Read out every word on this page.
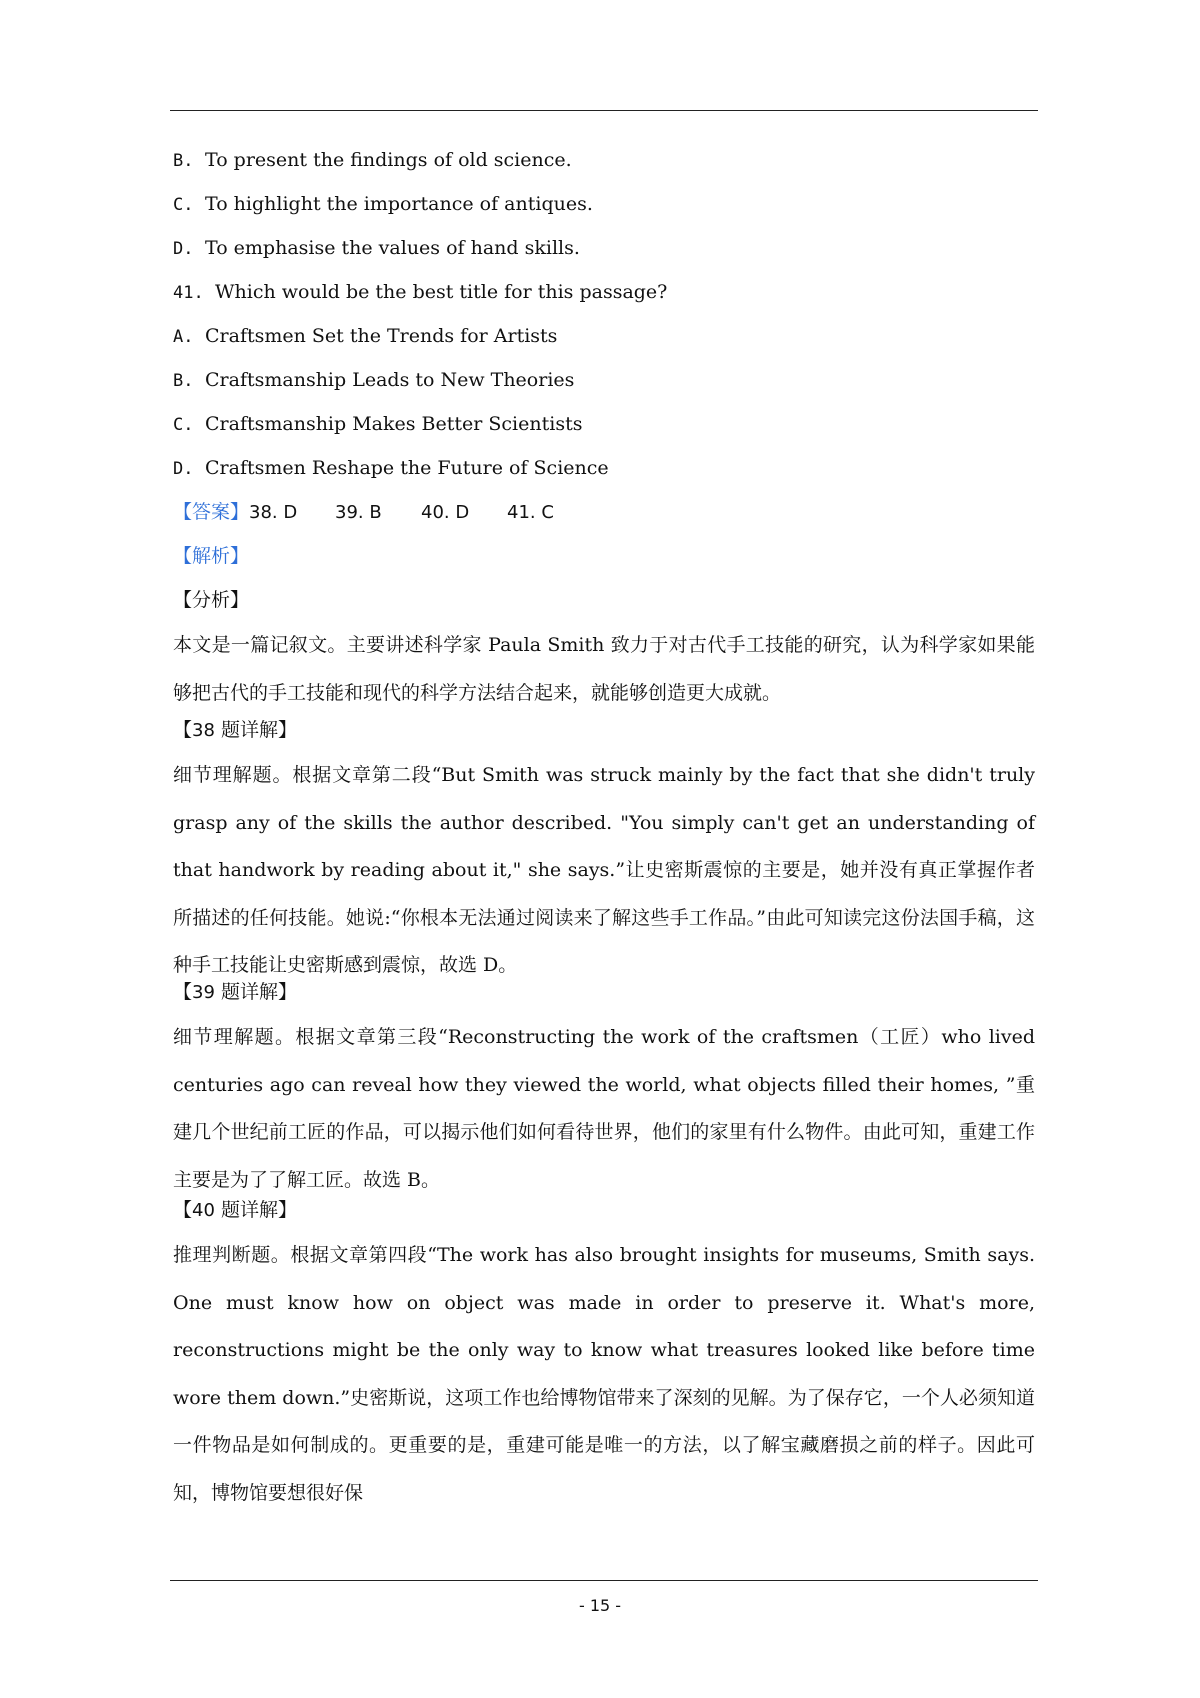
B. To present the findings of old science.
C. To highlight the importance of antiques.
D. To emphasise the values of hand skills.
41. Which would be the best title for this passage?
A. Craftsmen Set the Trends for Artists
B. Craftsmanship Leads to New Theories
C. Craftsmanship Makes Better Scientists
D. Craftsmen Reshape the Future of Science
【答案】38. D 39. B 40. D 41. C
【解析】
【分析】
本文是一篇记叙文。主要讲述科学家 Paula Smith 致力于对古代手工技能的研究，认为科学家如果能够把古代的手工技能和现代的科学方法结合起来，就能够创造更大成就。
【38 题详解】
细节理解题。根据文章第二段“But Smith was struck mainly by the fact that she didn't truly grasp any of the skills the author described. "You simply can't get an understanding of that handwork by reading about it," she says.”让史密斯震惊的主要是，她并没有真正掌握作者所描述的任何技能。她说:“你根本无法通过阅读来了解这些手工作品。”由此可知读完这份法国手稿，这种手工技能让史密斯感到震惊，故选 D。
【39 题详解】
细节理解题。根据文章第三段“Reconstructing the work of the craftsmen（工匠）who lived centuries ago can reveal how they viewed the world, what objects filled their homes, ”重建几个世纪前工匠的作品，可以揭示他们如何看待世界，他们的家里有什么物件。由此可知，重建工作主要是为了了解工匠。故选 B。
【40 题详解】
推理判断题。根据文章第四段“The work has also brought insights for museums, Smith says. One must know how on object was made in order to preserve it. What's more, reconstructions might be the only way to know what treasures looked like before time wore them down.”史密斯说，这项工作也给博物馆带来了深刻的见解。为了保存它，一个人必须知道一件物品是如何制成的。更重要的是，重建可能是唯一的方法，以了解宝藏磨损之前的样子。因此可知，博物馆要想很好保
- 15 -
